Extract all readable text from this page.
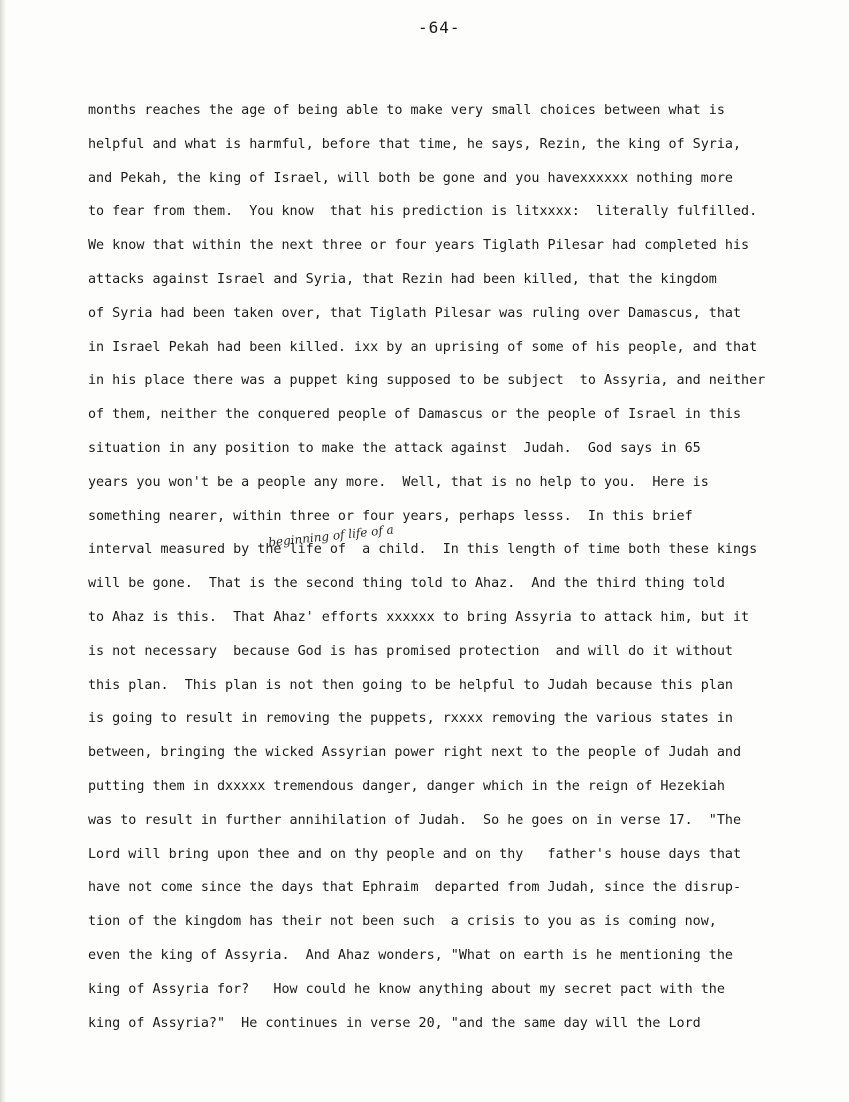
-64-
beginning of life of a
months reaches the age of being able to make very small choices between what is
helpful and what is harmful, before that time, he says, Rezin, the king of Syria,
and Pekah, the king of Israel, will both be gone and you havexxxxxx nothing more
to fear from them.  You know  that his prediction is litxxxx:  literally fulfilled.
We know that within the next three or four years Tiglath Pilesar had completed his
attacks against Israel and Syria, that Rezin had been killed, that the kingdom
of Syria had been taken over, that Tiglath Pilesar was ruling over Damascus, that
in Israel Pekah had been killed. ixx by an uprising of some of his people, and that
in his place there was a puppet king supposed to be subject  to Assyria, and neither
of them, neither the conquered people of Damascus or the people of Israel in this
situation in any position to make the attack against  Judah.  God says in 65
years you won't be a people any more.  Well, that is no help to you.  Here is
something nearer, within three or four years, perhaps lesss.  In this brief
interval measured by the life of  a child.  In this length of time both these kings
will be gone.  That is the second thing told to Ahaz.  And the third thing told
to Ahaz is this.  That Ahaz' efforts xxxxxx to bring Assyria to attack him, but it
is not necessary  because God is has promised protection  and will do it without
this plan.  This plan is not then going to be helpful to Judah because this plan
is going to result in removing the puppets, rxxxx removing the various states in
between, bringing the wicked Assyrian power right next to the people of Judah and
putting them in dxxxxx tremendous danger, danger which in the reign of Hezekiah
was to result in further annihilation of Judah.  So he goes on in verse 17.  "The
Lord will bring upon thee and on thy people and on thy   father's house days that
have not come since the days that Ephraim  departed from Judah, since the disrup-
tion of the kingdom has their not been such  a crisis to you as is coming now,
even the king of Assyria.  And Ahaz wonders, "What on earth is he mentioning the
king of Assyria for?   How could he know anything about my secret pact with the
king of Assyria?"  He continues in verse 20, "and the same day will the Lord
